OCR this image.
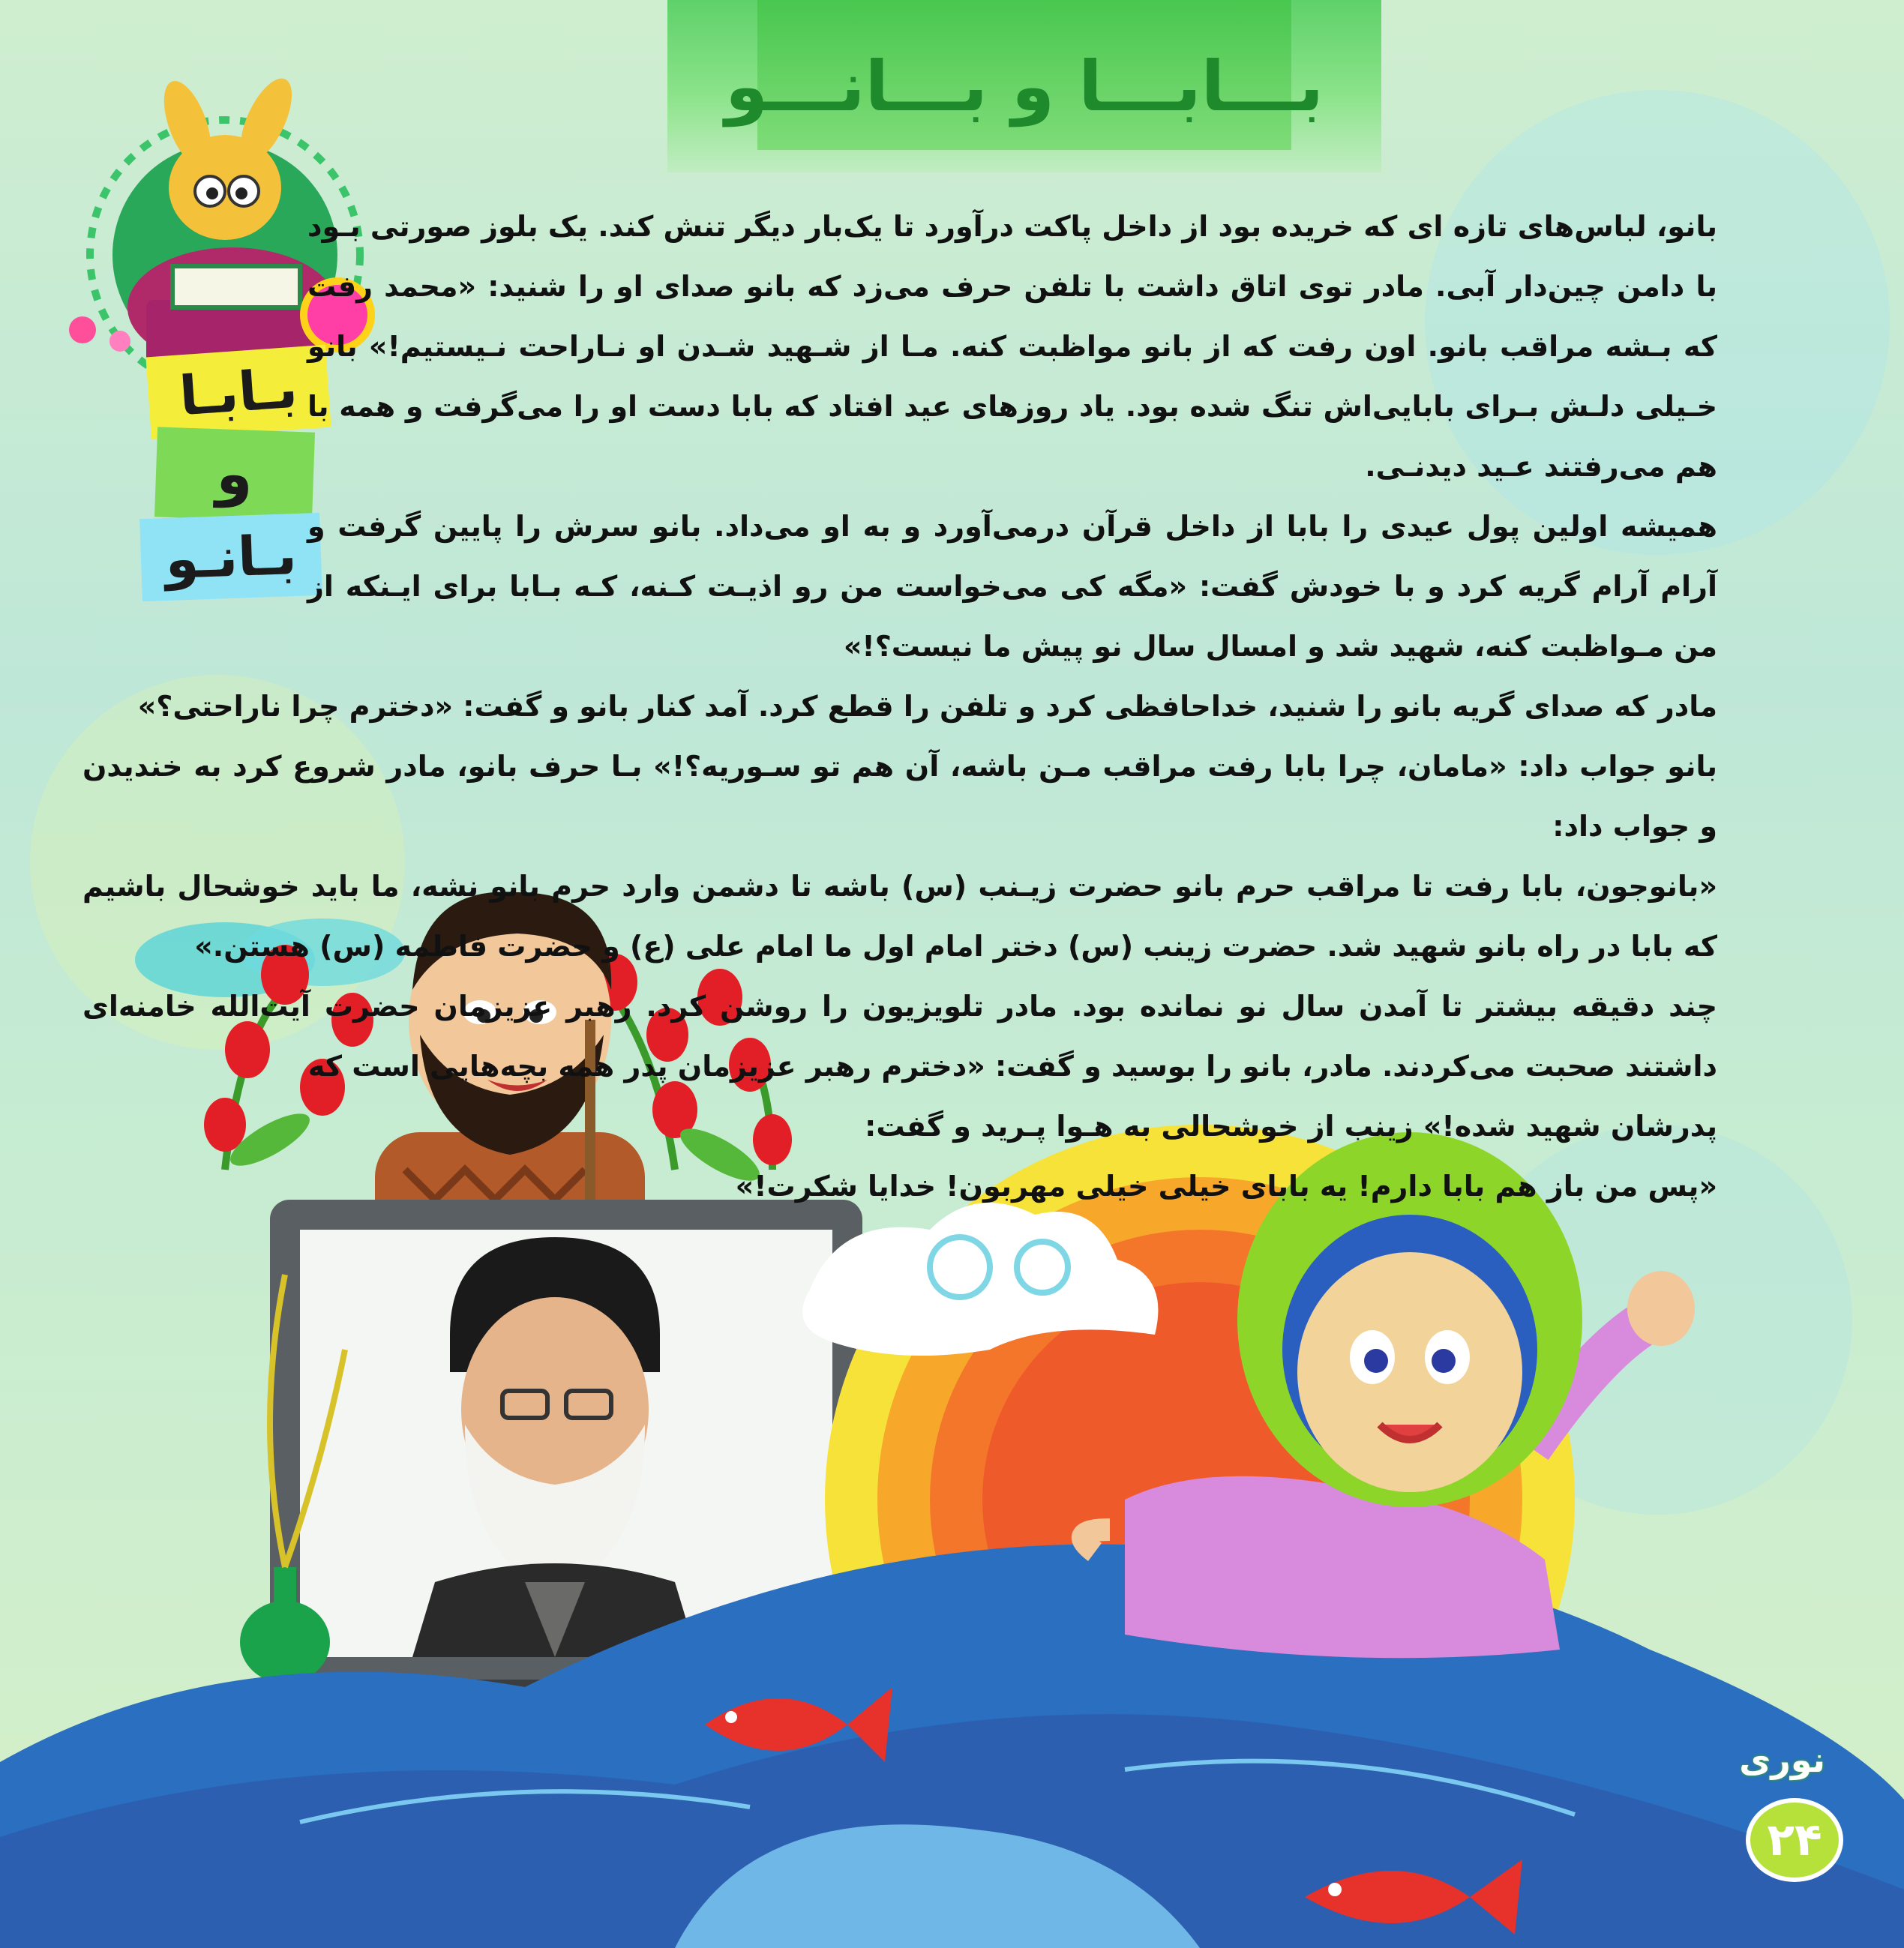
بـــابـــا و بـــانـــو
بـابـا
و
بـانـو

بانو، لباس‌های تازه ای که خریده بود از داخل پاکت درآورد تا یک‌بار دیگر تنش کند. یک بلوز صورتی بـود با دامن چین‌دار آبی. مادر توی اتاق داشت با تلفن حرف می‌زد که بانو صدای او را شنید: «محمد رفت که بـشه مراقب بانو. اون رفت که از بانو مواظبت کنه. مـا از شـهید شـدن او نـاراحت نـیستیم!» بانو خـیلی دلـش بـرای بابایی‌اش تنگ شده بود. یاد روزهای عید افتاد که بابا دست او را می‌گرفت و همه با هم می‌رفتند عـید دیدنـی.

همیشه اولین پول عیدی را بابا از داخل قرآن درمی‌آورد و به او می‌داد. بانو سرش را پایین گرفت و آرام آرام گریه کرد و با خودش گفت: «مگه کی می‌خواست من رو اذیـت کـنه، کـه بـابا برای ایـنکه از من مـواظبت کنه، شهید شد و امسال سال نو پیش ما نیست؟!»

مادر که صدای گریه بانو را شنید، خداحافظی کرد و تلفن را قطع کرد. آمد کنار بانو و گفت: «دخترم چرا ناراحتی؟»

بانو جواب داد: «مامان، چرا بابا رفت مراقب مـن باشه، آن هم تو سـوریه؟!» بـا حرف بانو، مادر شروع کرد به خندیدن و جواب داد:

«بانوجون، بابا رفت تا مراقب حرم بانو حضرت زیـنب (س) باشه تا دشمن وارد حرم بانو نشه، ما باید خوشحال باشیم که بابا در راه بانو شهید شد. حضرت زینب (س) دختر امام اول ما امام علی (ع) و حضرت فاطمه (س) هستن.»

چند دقیقه بیشتر تا آمدن سال نو نمانده بود. مادر تلویزیون را روشن کرد. رهبر عزیزمان حضرت آیت‌الله خامنه‌ای داشتند صحبت می‌کردند. مادر، بانو را بوسید و گفت: «دخترم رهبر عزیزمان پدر همه بچه‌هایی است که

پدرشان شهید شده!» زینب از خوشحالی به هـوا پـرید و گفت:

«پس من باز هم بابا دارم! یه بابای خیلی خیلی مهربون! خدایا شکرت!»

نوری
۲۴
